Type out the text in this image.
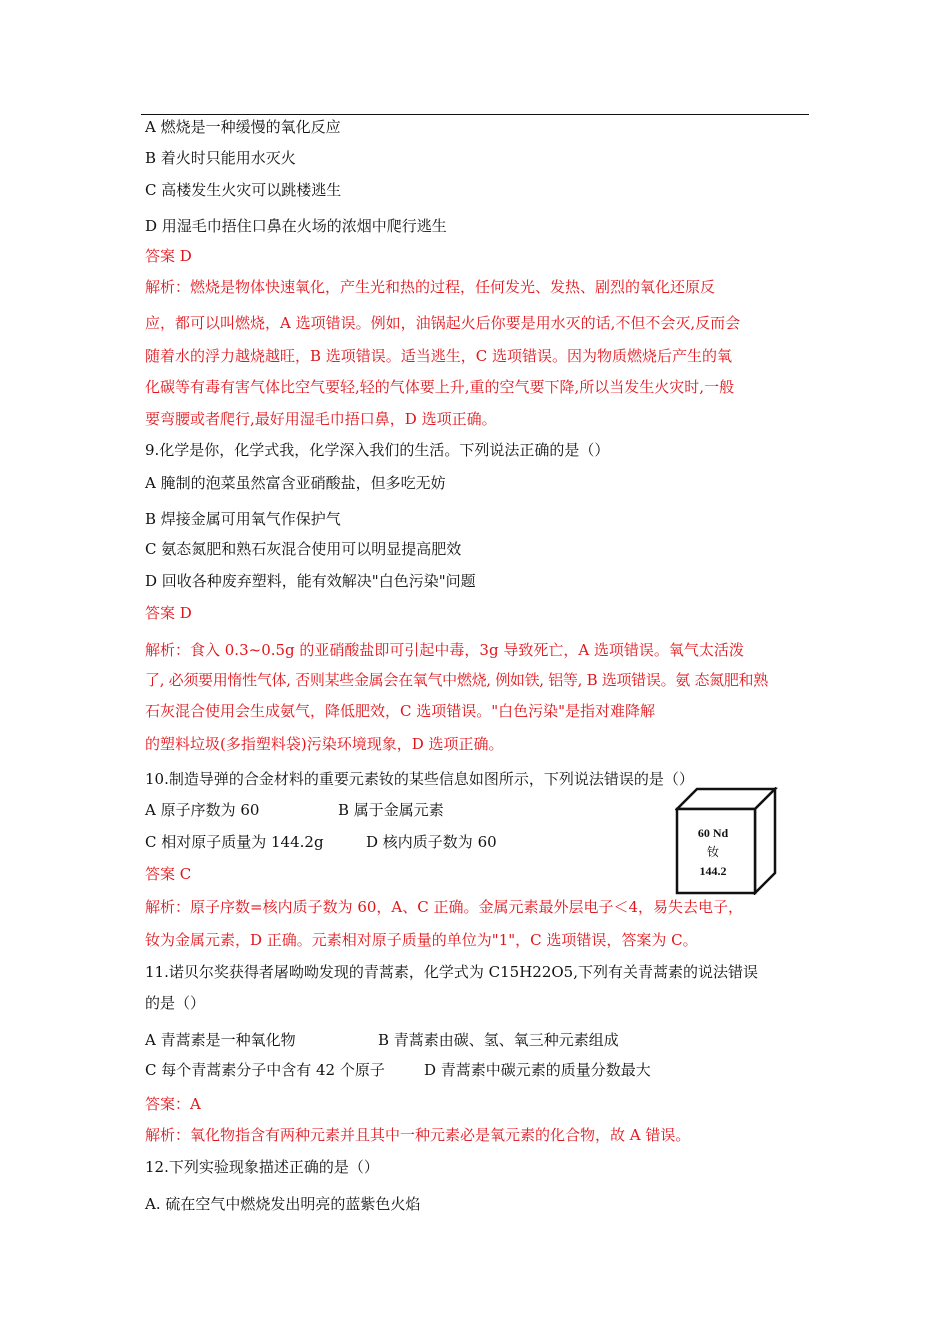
A 燃烧是一种缓慢的氧化反应
B 着火时只能用水灭火
C 高楼发生火灾可以跳楼逃生
D 用湿毛巾捂住口鼻在火场的浓烟中爬行逃生
答案 D
解析：燃烧是物体快速氧化，产生光和热的过程，任何发光、发热、剧烈的氧化还原反
应，都可以叫燃烧，A 选项错误。例如，油锅起火后你要是用水灭的话,不但不会灭,反而会
随着水的浮力越烧越旺，B 选项错误。适当逃生，C 选项错误。因为物质燃烧后产生的氧
化碳等有毒有害气体比空气要轻,轻的气体要上升,重的空气要下降,所以当发生火灾时,一般
要弯腰或者爬行,最好用湿毛巾捂口鼻，D 选项正确。
9.化学是你，化学式我，化学深入我们的生活。下列说法正确的是（）
A 腌制的泡菜虽然富含亚硝酸盐，但多吃无妨
B 焊接金属可用氧气作保护气
C 氨态氮肥和熟石灰混合使用可以明显提高肥效
D 回收各种废弃塑料，能有效解决"白色污染"问题
答案 D
解析：食入 0.3~0.5g 的亚硝酸盐即可引起中毒，3g 导致死亡，A 选项错误。氧气太活泼
了, 必须要用惰性气体, 否则某些金属会在氧气中燃烧, 例如铁, 铝等, B 选项错误。氨 态氮肥和熟
石灰混合使用会生成氨气，降低肥效，C 选项错误。"白色污染"是指对难降解
的塑料垃圾(多指塑料袋)污染环境现象，D 选项正确。
10.制造导弹的合金材料的重要元素钕的某些信息如图所示，下列说法错误的是（）
A 原子序数为 60	B 属于金属元素
C 相对原子质量为 144.2g	D 核内质子数为 60
答案 C
解析：原子序数=核内质子数为 60，A、C 正确。金属元素最外层电子＜4，易失去电子，
钕为金属元素，D 正确。元素相对原子质量的单位为"1"，C 选项错误，答案为 C。
60 Nd
钕
144.2
11.诺贝尔奖获得者屠呦呦发现的青蒿素，化学式为 C15H22O5,下列有关青蒿素的说法错误
的是（）
A 青蒿素是一种氧化物	B 青蒿素由碳、氢、氧三种元素组成
C 每个青蒿素分子中含有 42 个原子	D 青蒿素中碳元素的质量分数最大
答案：A
解析：氧化物指含有两种元素并且其中一种元素必是氧元素的化合物，故 A 错误。
12.下列实验现象描述正确的是（）
A. 硫在空气中燃烧发出明亮的蓝紫色火焰
